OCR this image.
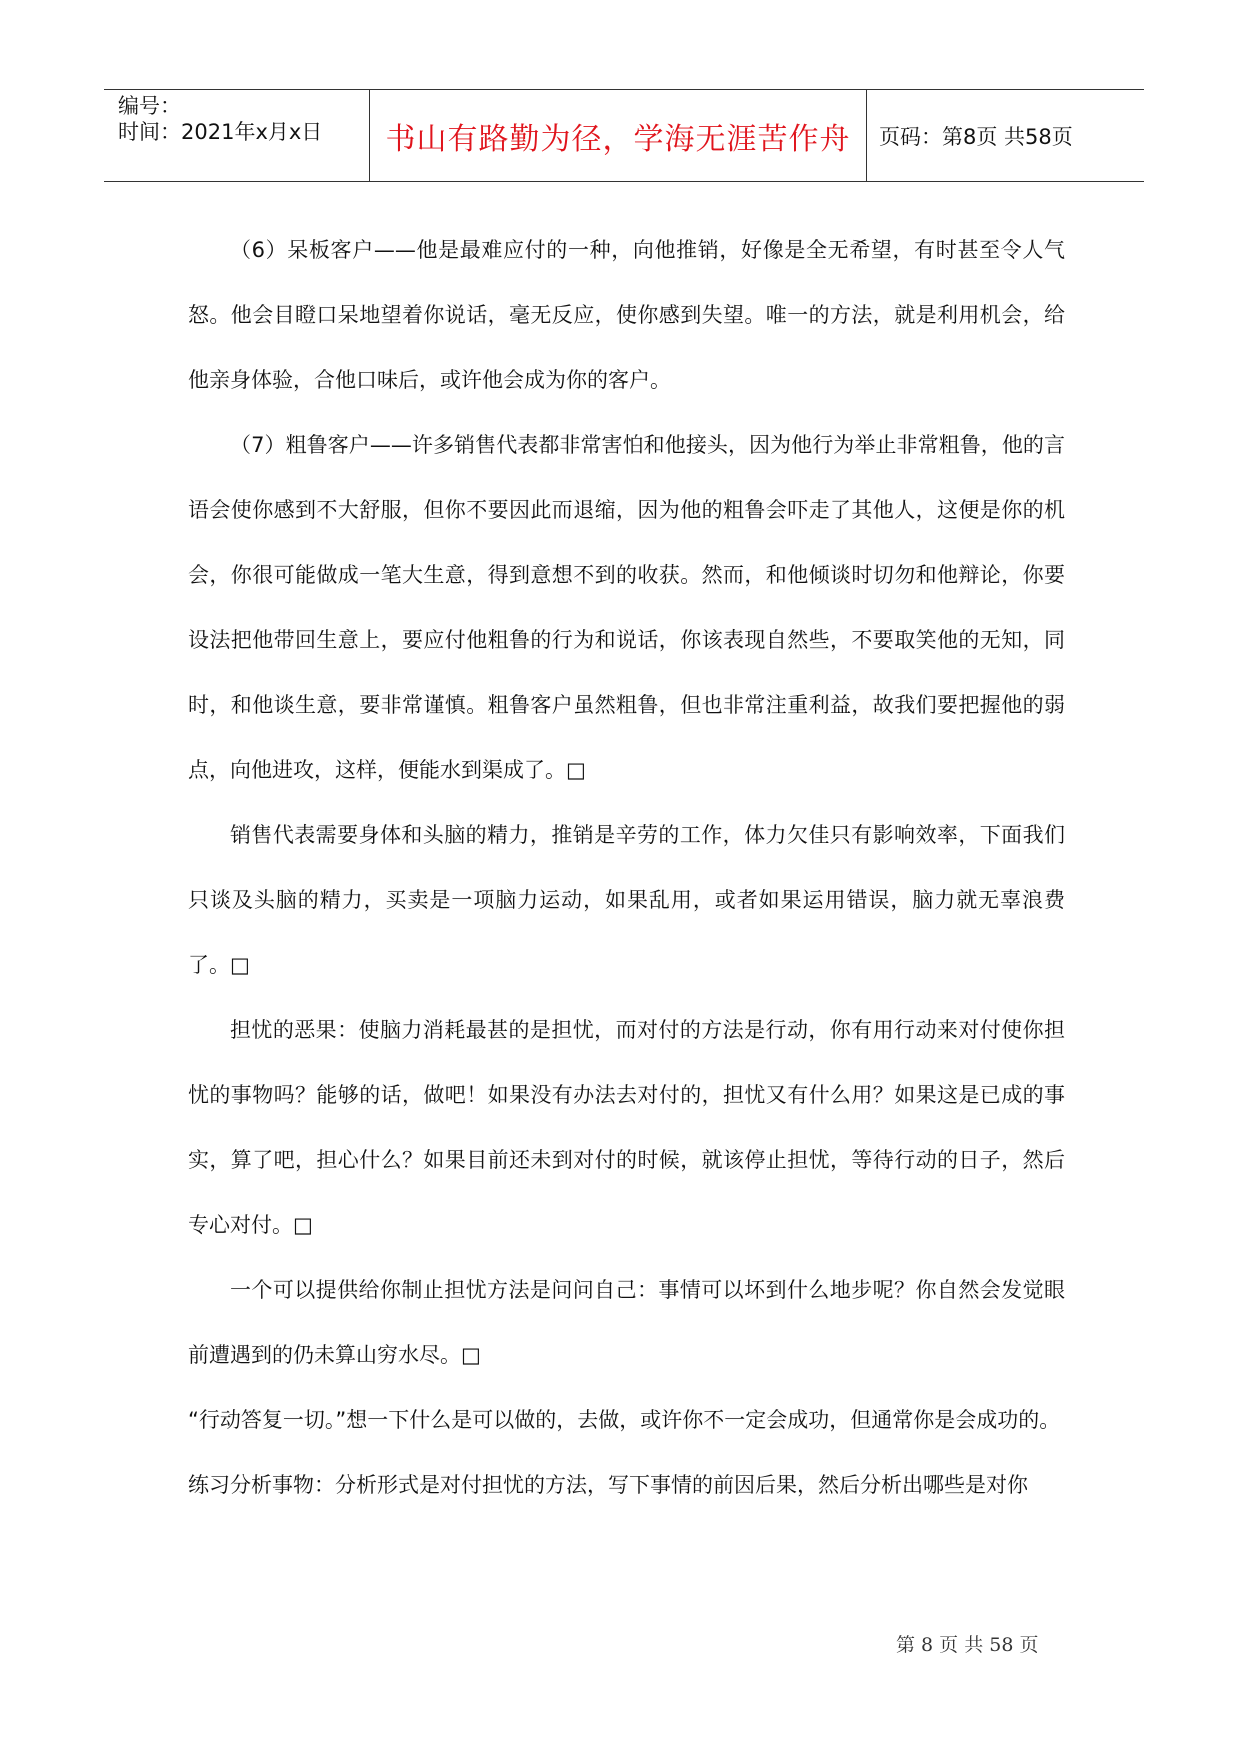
编号：
时间：2021年x月x日 书山有路勤为径，学海无涯苦作舟 页码：第8页 共58页

（6）呆板客户——他是最难应付的一种，向他推销，好像是全无希望，有时甚至令人气怒。他会目瞪口呆地望着你说话，毫无反应，使你感到失望。唯一的方法，就是利用机会，给他亲身体验，合他口味后，或许他会成为你的客户。

（7）粗鲁客户——许多销售代表都非常害怕和他接头，因为他行为举止非常粗鲁，他的言语会使你感到不大舒服，但你不要因此而退缩，因为他的粗鲁会吓走了其他人，这便是你的机会，你很可能做成一笔大生意，得到意想不到的收获。然而，和他倾谈时切勿和他辩论，你要设法把他带回生意上，要应付他粗鲁的行为和说话，你该表现自然些，不要取笑他的无知，同时，和他谈生意，要非常谨慎。粗鲁客户虽然粗鲁，但也非常注重利益，故我们要把握他的弱点，向他进攻，这样，便能水到渠成了。□

销售代表需要身体和头脑的精力，推销是辛劳的工作，体力欠佳只有影响效率，下面我们只谈及头脑的精力，买卖是一项脑力运动，如果乱用，或者如果运用错误，脑力就无辜浪费了。□

担忧的恶果：使脑力消耗最甚的是担忧，而对付的方法是行动，你有用行动来对付使你担忧的事物吗？能够的话，做吧！如果没有办法去对付的，担忧又有什么用？如果这是已成的事实，算了吧，担心什么？如果目前还未到对付的时候，就该停止担忧，等待行动的日子，然后专心对付。□

一个可以提供给你制止担忧方法是问问自己：事情可以坏到什么地步呢？你自然会发觉眼前遭遇到的仍未算山穷水尽。□

“行动答复一切。”想一下什么是可以做的，去做，或许你不一定会成功，但通常你是会成功的。

练习分析事物：分析形式是对付担忧的方法，写下事情的前因后果，然后分析出哪些是对你

第 8 页 共 58 页
